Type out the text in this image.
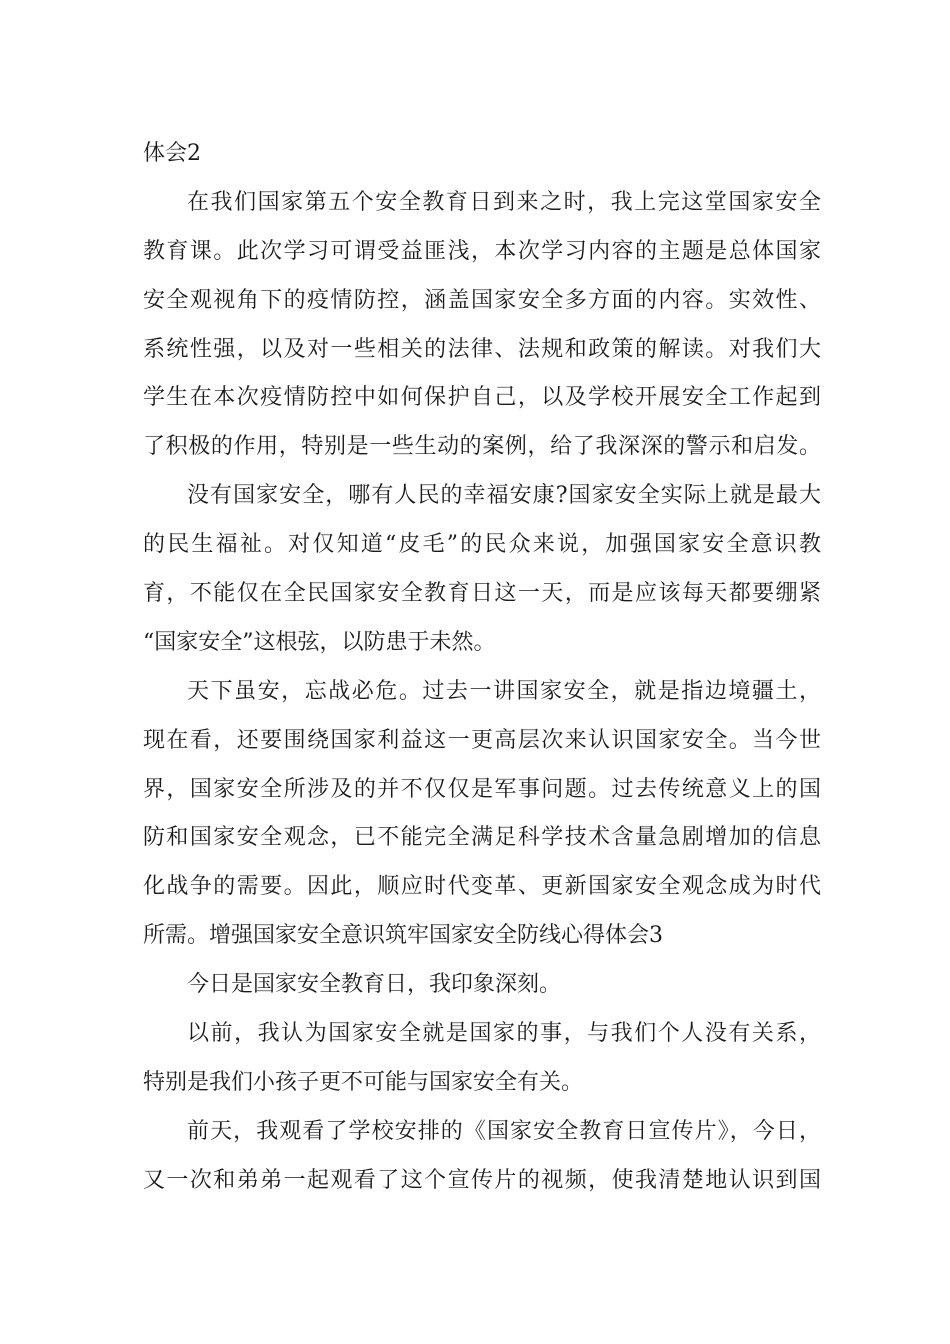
体会2
在我们国家第五个安全教育日到来之时，我上完这堂国家安全
教育课。此次学习可谓受益匪浅，本次学习内容的主题是总体国家
安全观视角下的疫情防控，涵盖国家安全多方面的内容。实效性、
系统性强，以及对一些相关的法律、法规和政策的解读。对我们大
学生在本次疫情防控中如何保护自己，以及学校开展安全工作起到
了积极的作用，特别是一些生动的案例，给了我深深的警示和启发。
没有国家安全，哪有人民的幸福安康?国家安全实际上就是最大
的民生福祉。对仅知道“皮毛”的民众来说，加强国家安全意识教
育，不能仅在全民国家安全教育日这一天，而是应该每天都要绷紧
“国家安全”这根弦，以防患于未然。
天下虽安，忘战必危。过去一讲国家安全，就是指边境疆土，
现在看，还要围绕国家利益这一更高层次来认识国家安全。当今世
界，国家安全所涉及的并不仅仅是军事问题。过去传统意义上的国
防和国家安全观念，已不能完全满足科学技术含量急剧增加的信息
化战争的需要。因此，顺应时代变革、更新国家安全观念成为时代
所需。增强国家安全意识筑牢国家安全防线心得体会3
今日是国家安全教育日，我印象深刻。
以前，我认为国家安全就是国家的事，与我们个人没有关系，
特别是我们小孩子更不可能与国家安全有关。
前天，我观看了学校安排的《国家安全教育日宣传片》，今日，
又一次和弟弟一起观看了这个宣传片的视频，使我清楚地认识到国
